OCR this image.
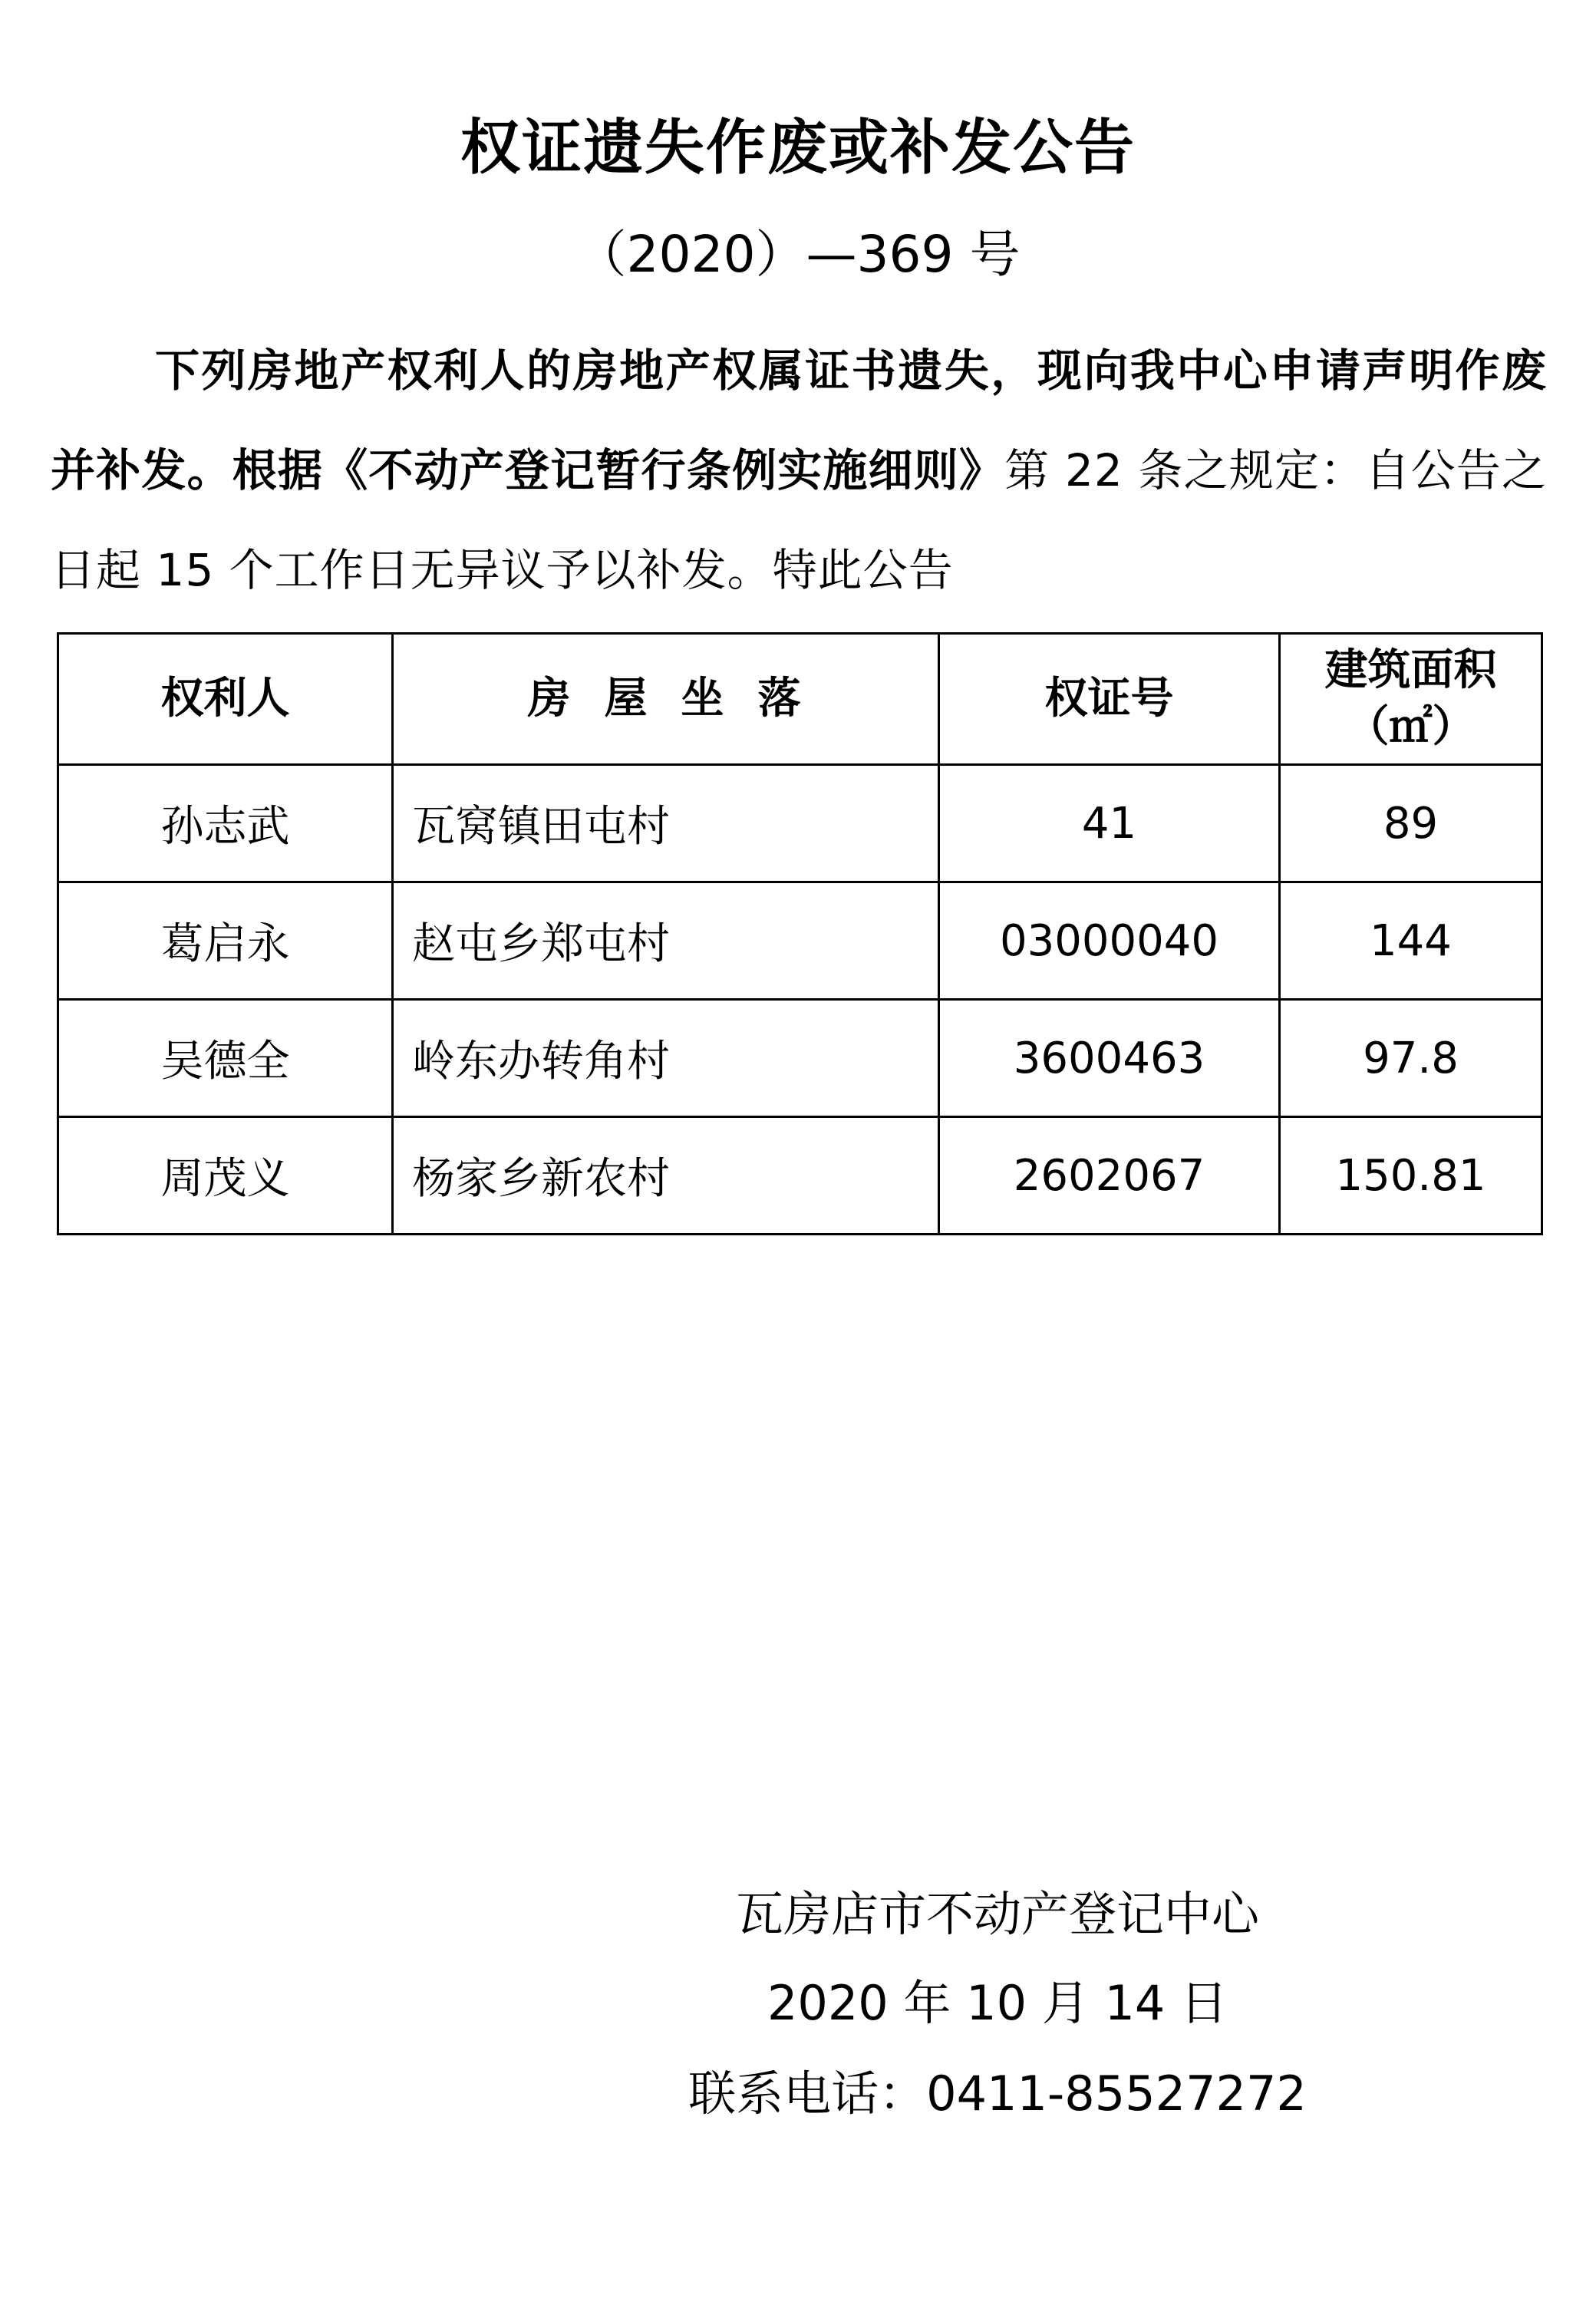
权证遗失作废或补发公告
（2020）—369 号
下列房地产权利人的房地产权属证书遗失，现向我中心申请声明作废并补发。根据《不动产登记暂行条例实施细则》第 22 条之规定：自公告之日起 15 个工作日无异议予以补发。特此公告
权利人	房屋坐落	权证号	建筑面积
（㎡）

孙志武	瓦窝镇田屯村	41	89
葛启永	赵屯乡郑屯村	03000040	144
吴德全	岭东办转角村	3600463	97.8
周茂义	杨家乡新农村	2602067	150.81
瓦房店市不动产登记中心
2020 年 10 月 14 日
联系电话：0411-85527272
